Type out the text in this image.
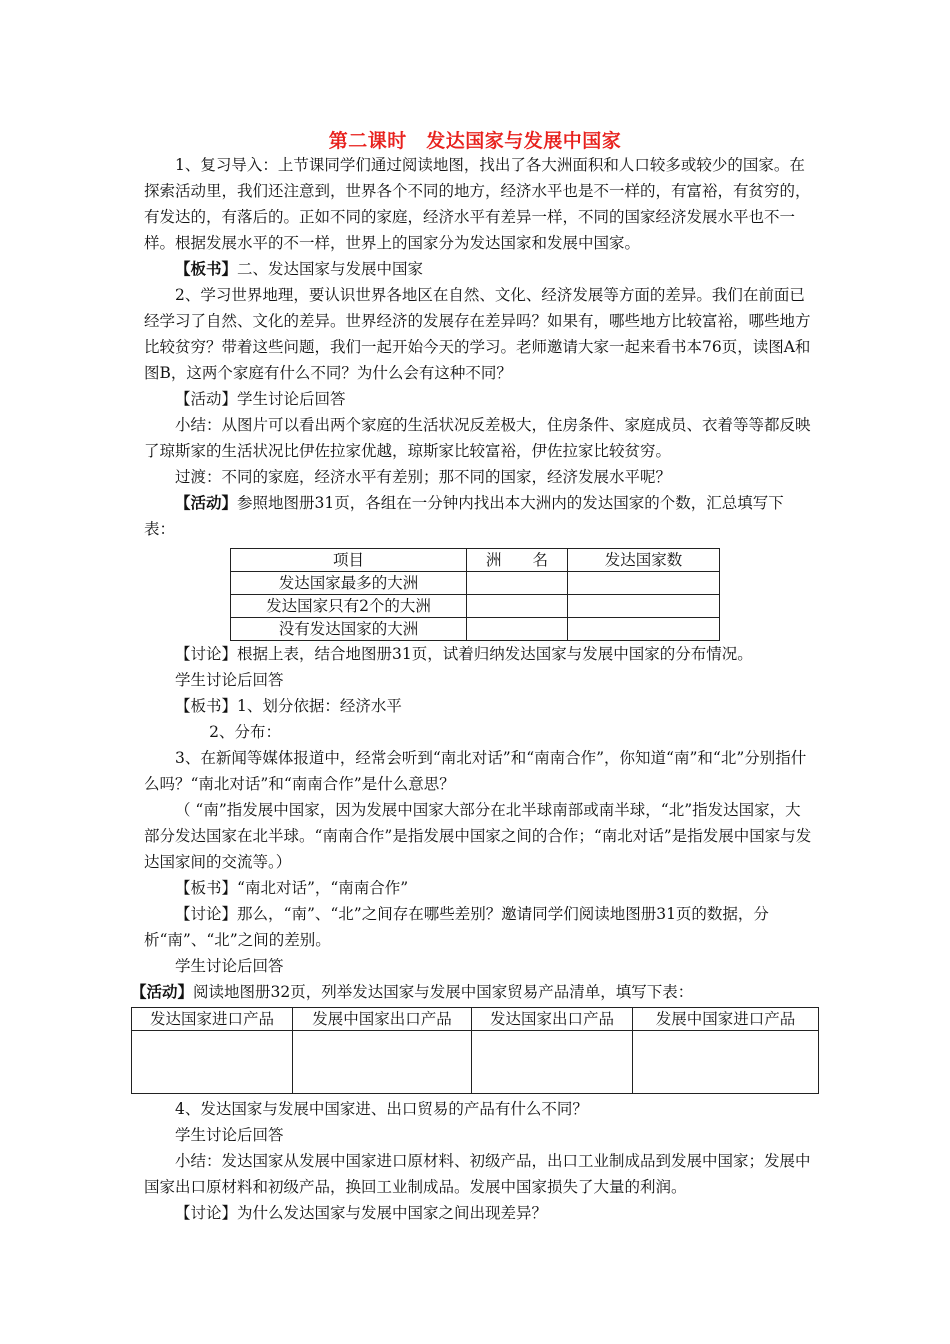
第二课时　发达国家与发展中国家

1、复习导入：上节课同学们通过阅读地图，找出了各大洲面积和人口较多或较少的国家。在探索活动里，我们还注意到，世界各个不同的地方，经济水平也是不一样的，有富裕，有贫穷的，有发达的，有落后的。正如不同的家庭，经济水平有差异一样，不同的国家经济发展水平也不一样。根据发展水平的不一样，世界上的国家分为发达国家和发展中国家。

【板书】二、发达国家与发展中国家

2、学习世界地理，要认识世界各地区在自然、文化、经济发展等方面的差异。我们在前面已经学习了自然、文化的差异。世界经济的发展存在差异吗？如果有，哪些地方比较富裕，哪些地方比较贫穷？带着这些问题，我们一起开始今天的学习。老师邀请大家一起来看书本76页，读图A和图B，这两个家庭有什么不同？为什么会有这种不同？

【活动】学生讨论后回答

小结：从图片可以看出两个家庭的生活状况反差极大，住房条件、家庭成员、衣着等等都反映了琼斯家的生活状况比伊佐拉家优越，琼斯家比较富裕，伊佐拉家比较贫穷。

过渡：不同的家庭，经济水平有差别；那不同的国家，经济发展水平呢？

【活动】参照地图册31页，各组在一分钟内找出本大洲内的发达国家的个数，汇总填写下表：

项目	洲　　名	发达国家数
发达国家最多的大洲		
发达国家只有2个的大洲		
没有发达国家的大洲		

【讨论】根据上表，结合地图册31页，试着归纳发达国家与发展中国家的分布情况。

学生讨论后回答

【板书】1、划分依据：经济水平

2、分布：

3、在新闻等媒体报道中，经常会听到“南北对话”和“南南合作”，你知道“南”和“北”分别指什么吗？“南北对话”和“南南合作”是什么意思？

（ “南”指发展中国家，因为发展中国家大部分在北半球南部或南半球，“北”指发达国家，大部分发达国家在北半球。“南南合作”是指发展中国家之间的合作；“南北对话”是指发展中国家与发达国家间的交流等。）

【板书】“南北对话”，“南南合作”

【讨论】那么，“南”、“北”之间存在哪些差别？邀请同学们阅读地图册31页的数据，分析“南”、“北”之间的差别。

学生讨论后回答

【活动】阅读地图册32页，列举发达国家与发展中国家贸易产品清单，填写下表：

发达国家进口产品	发展中国家出口产品	发达国家出口产品	发展中国家进口产品

4、发达国家与发展中国家进、出口贸易的产品有什么不同？

学生讨论后回答

小结：发达国家从发展中国家进口原材料、初级产品，出口工业制成品到发展中国家；发展中国家出口原材料和初级产品，换回工业制成品。发展中国家损失了大量的利润。

【讨论】为什么发达国家与发展中国家之间出现差异？
